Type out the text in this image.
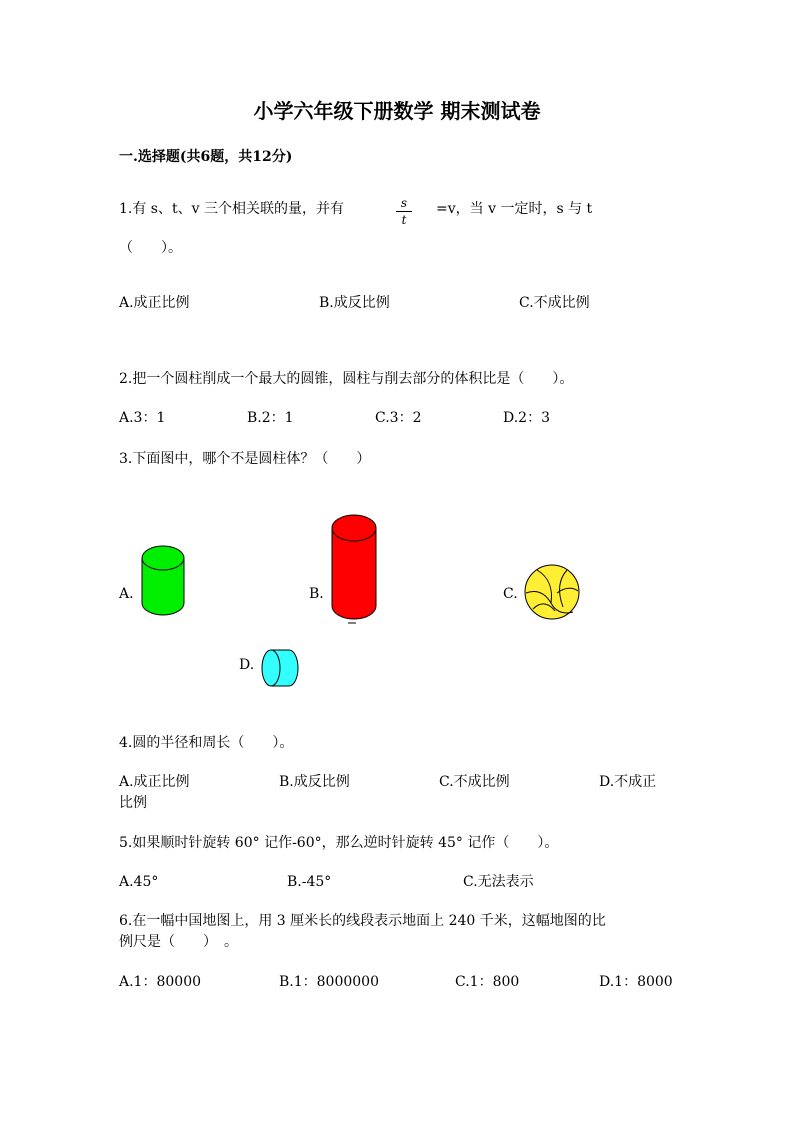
小学六年级下册数学 期末测试卷
一.选择题(共6题，共12分)
1.有 s、t、v 三个相关联的量，并有	s
t
=v，当 v 一定时，s 与 t
（　　）。
A.成正比例	B.成反比例	C.不成比例
2.把一个圆柱削成一个最大的圆锥，圆柱与削去部分的体积比是（　　）。
A.3：1	B.2：1	C.3：2	D.2：3
3.下面图中，哪个不是圆柱体？（　　）
A.	B.	C.
D.
4.圆的半径和周长（　　）。
A.成正比例	B.成反比例	C.不成比例	D.不成正
比例
5.如果顺时针旋转 60° 记作-60°，那么逆时针旋转 45° 记作（　　）。
A.45°	B.-45°	C.无法表示
6.在一幅中国地图上，用 3 厘米长的线段表示地面上 240 千米，这幅地图的比
例尺是（　　）　。
A.1：80000	B.1：8000000	C.1：800	D.1：8000
